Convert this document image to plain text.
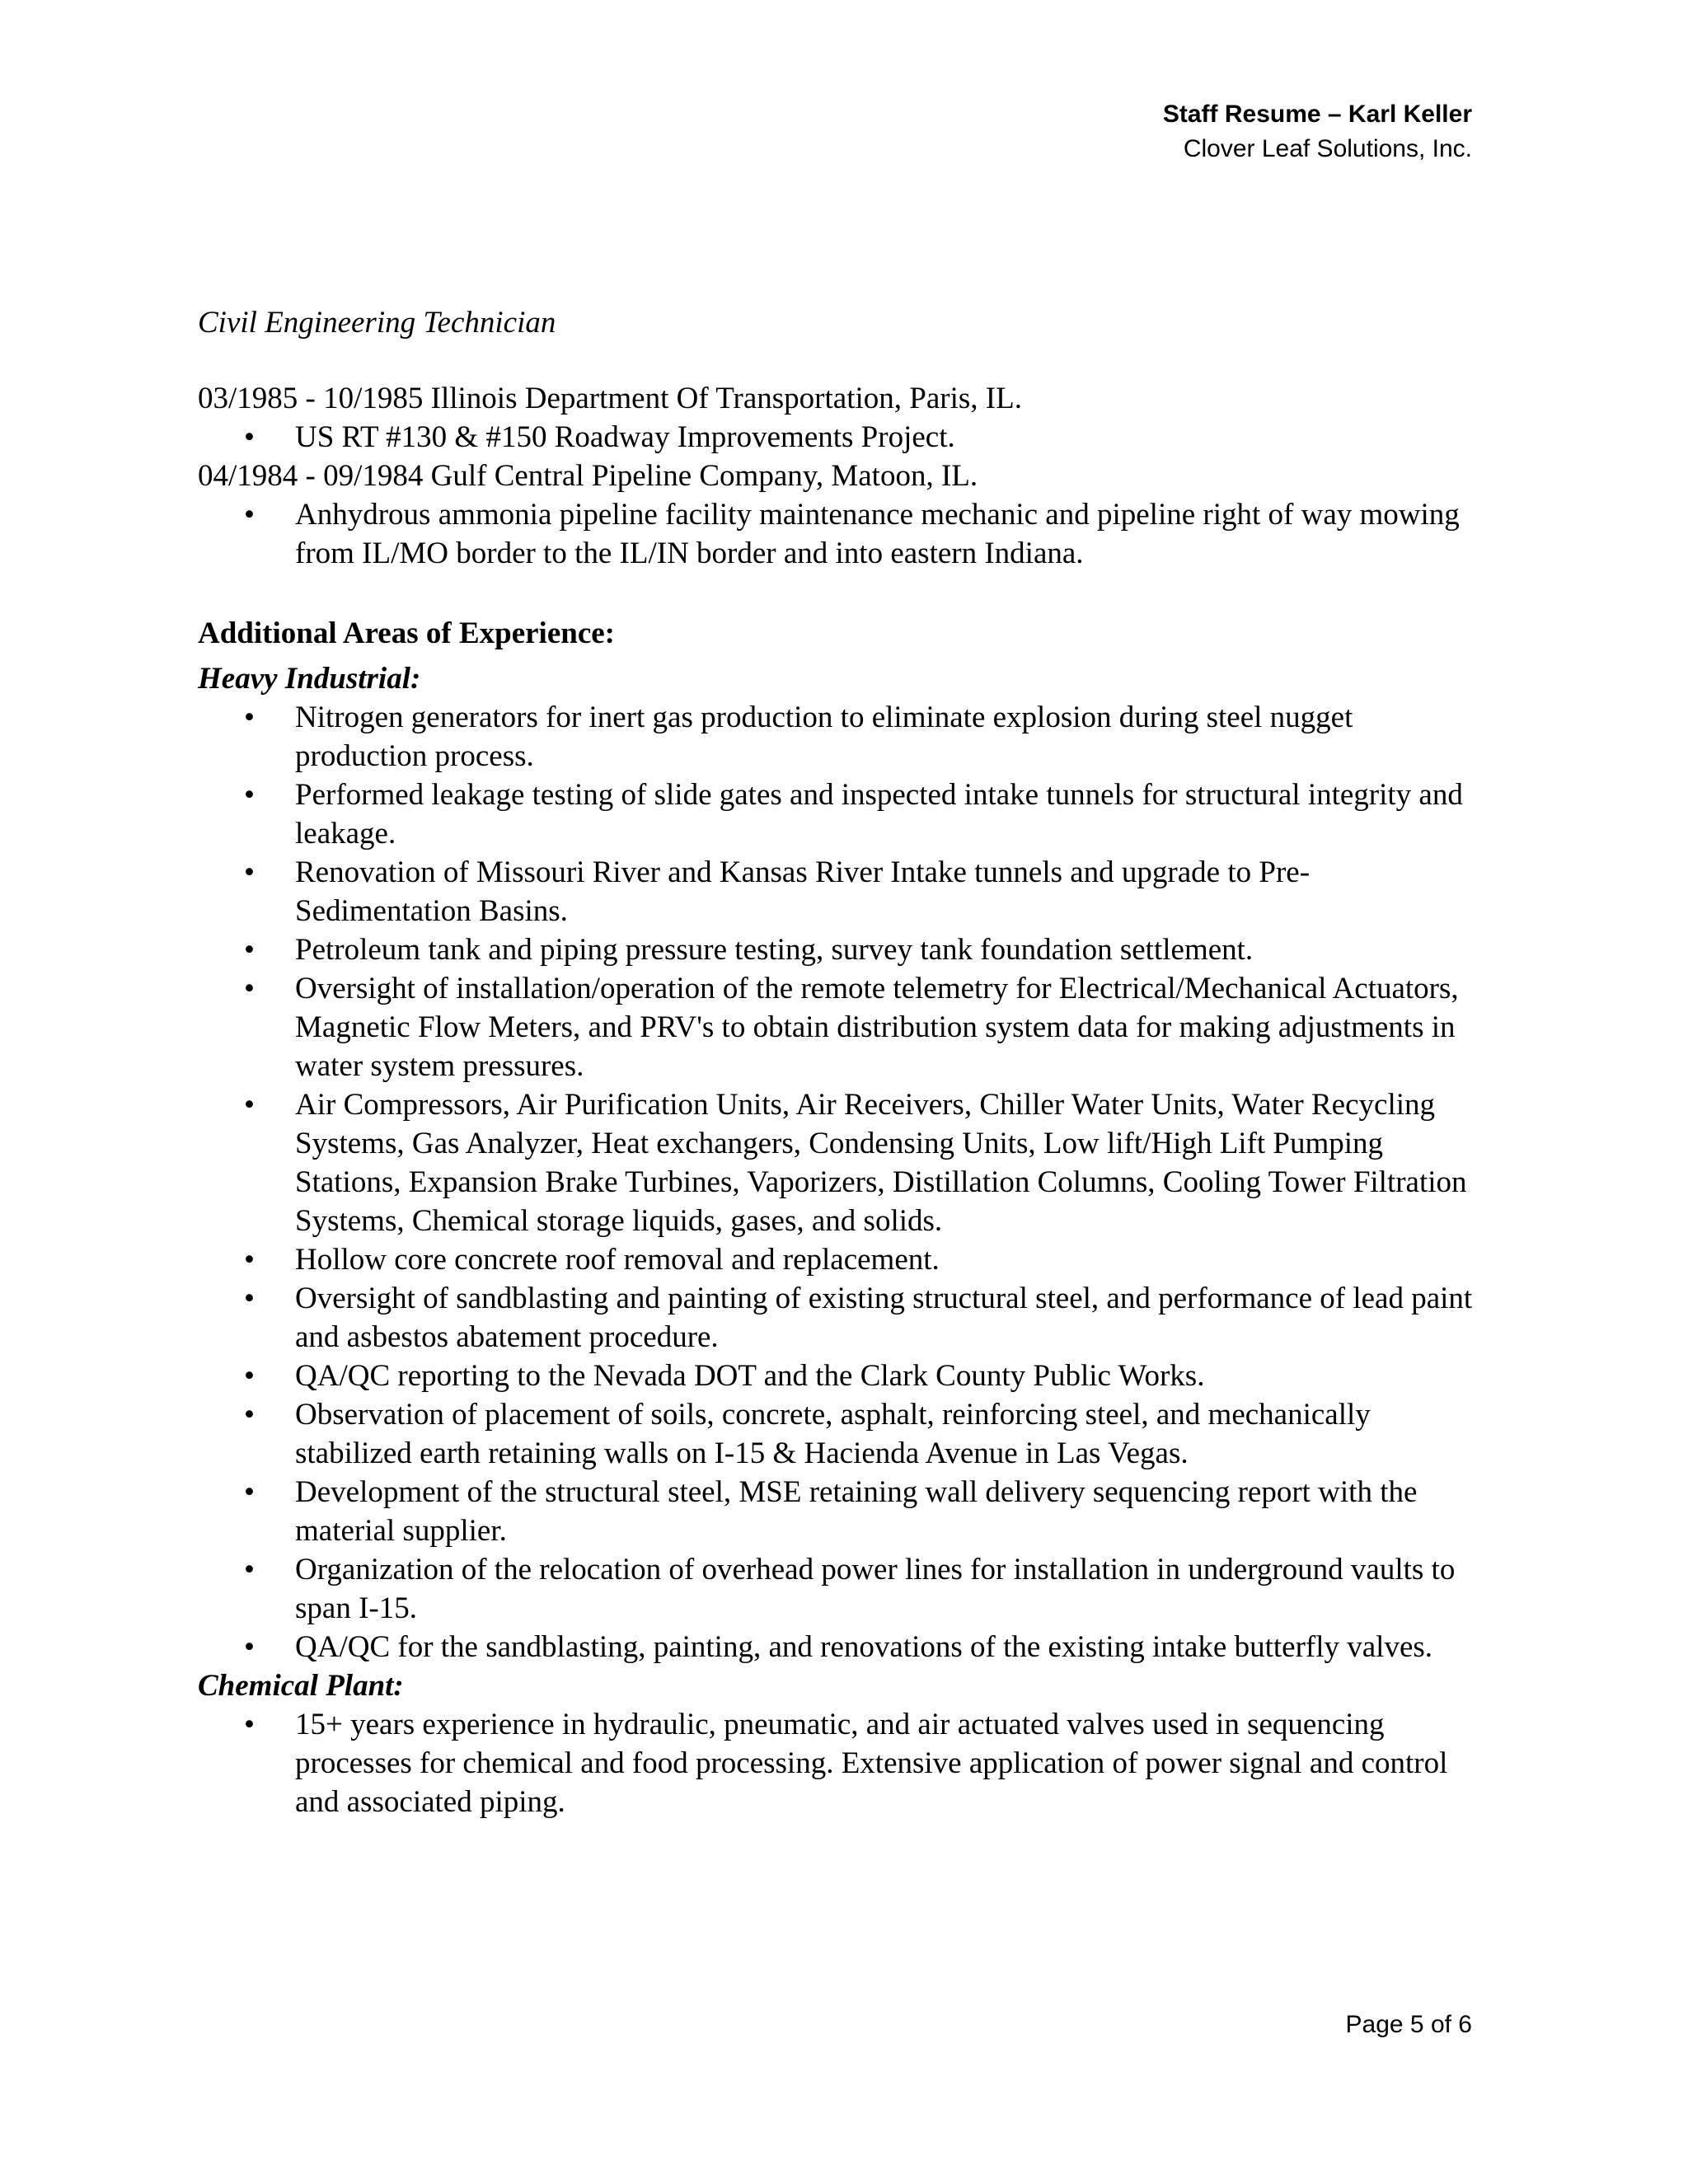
Staff Resume – Karl Keller
Clover Leaf Solutions, Inc.

Civil Engineering Technician

03/1985 - 10/1985 Illinois Department Of Transportation, Paris, IL.

• US RT #130 & #150 Roadway Improvements Project.

04/1984 - 09/1984 Gulf Central Pipeline Company, Matoon, IL.

• Anhydrous ammonia pipeline facility maintenance mechanic and pipeline right of way mowing from IL/MO border to the IL/IN border and into eastern Indiana.

Additional Areas of Experience:

Heavy Industrial:

• Nitrogen generators for inert gas production to eliminate explosion during steel nugget production process.
• Performed leakage testing of slide gates and inspected intake tunnels for structural integrity and leakage.
• Renovation of Missouri River and Kansas River Intake tunnels and upgrade to Pre-Sedimentation Basins.
• Petroleum tank and piping pressure testing, survey tank foundation settlement.
• Oversight of installation/operation of the remote telemetry for Electrical/Mechanical Actuators, Magnetic Flow Meters, and PRV's to obtain distribution system data for making adjustments in water system pressures.
• Air Compressors, Air Purification Units, Air Receivers, Chiller Water Units, Water Recycling Systems, Gas Analyzer, Heat exchangers, Condensing Units, Low lift/High Lift Pumping Stations, Expansion Brake Turbines, Vaporizers, Distillation Columns, Cooling Tower Filtration Systems, Chemical storage liquids, gases, and solids.
• Hollow core concrete roof removal and replacement.
• Oversight of sandblasting and painting of existing structural steel, and performance of lead paint and asbestos abatement procedure.
• QA/QC reporting to the Nevada DOT and the Clark County Public Works.
• Observation of placement of soils, concrete, asphalt, reinforcing steel, and mechanically stabilized earth retaining walls on I-15 & Hacienda Avenue in Las Vegas.
• Development of the structural steel, MSE retaining wall delivery sequencing report with the material supplier.
• Organization of the relocation of overhead power lines for installation in underground vaults to span I-15.
• QA/QC for the sandblasting, painting, and renovations of the existing intake butterfly valves.

Chemical Plant:

• 15+ years experience in hydraulic, pneumatic, and air actuated valves used in sequencing processes for chemical and food processing. Extensive application of power signal and control and associated piping.
Page 5 of 6
